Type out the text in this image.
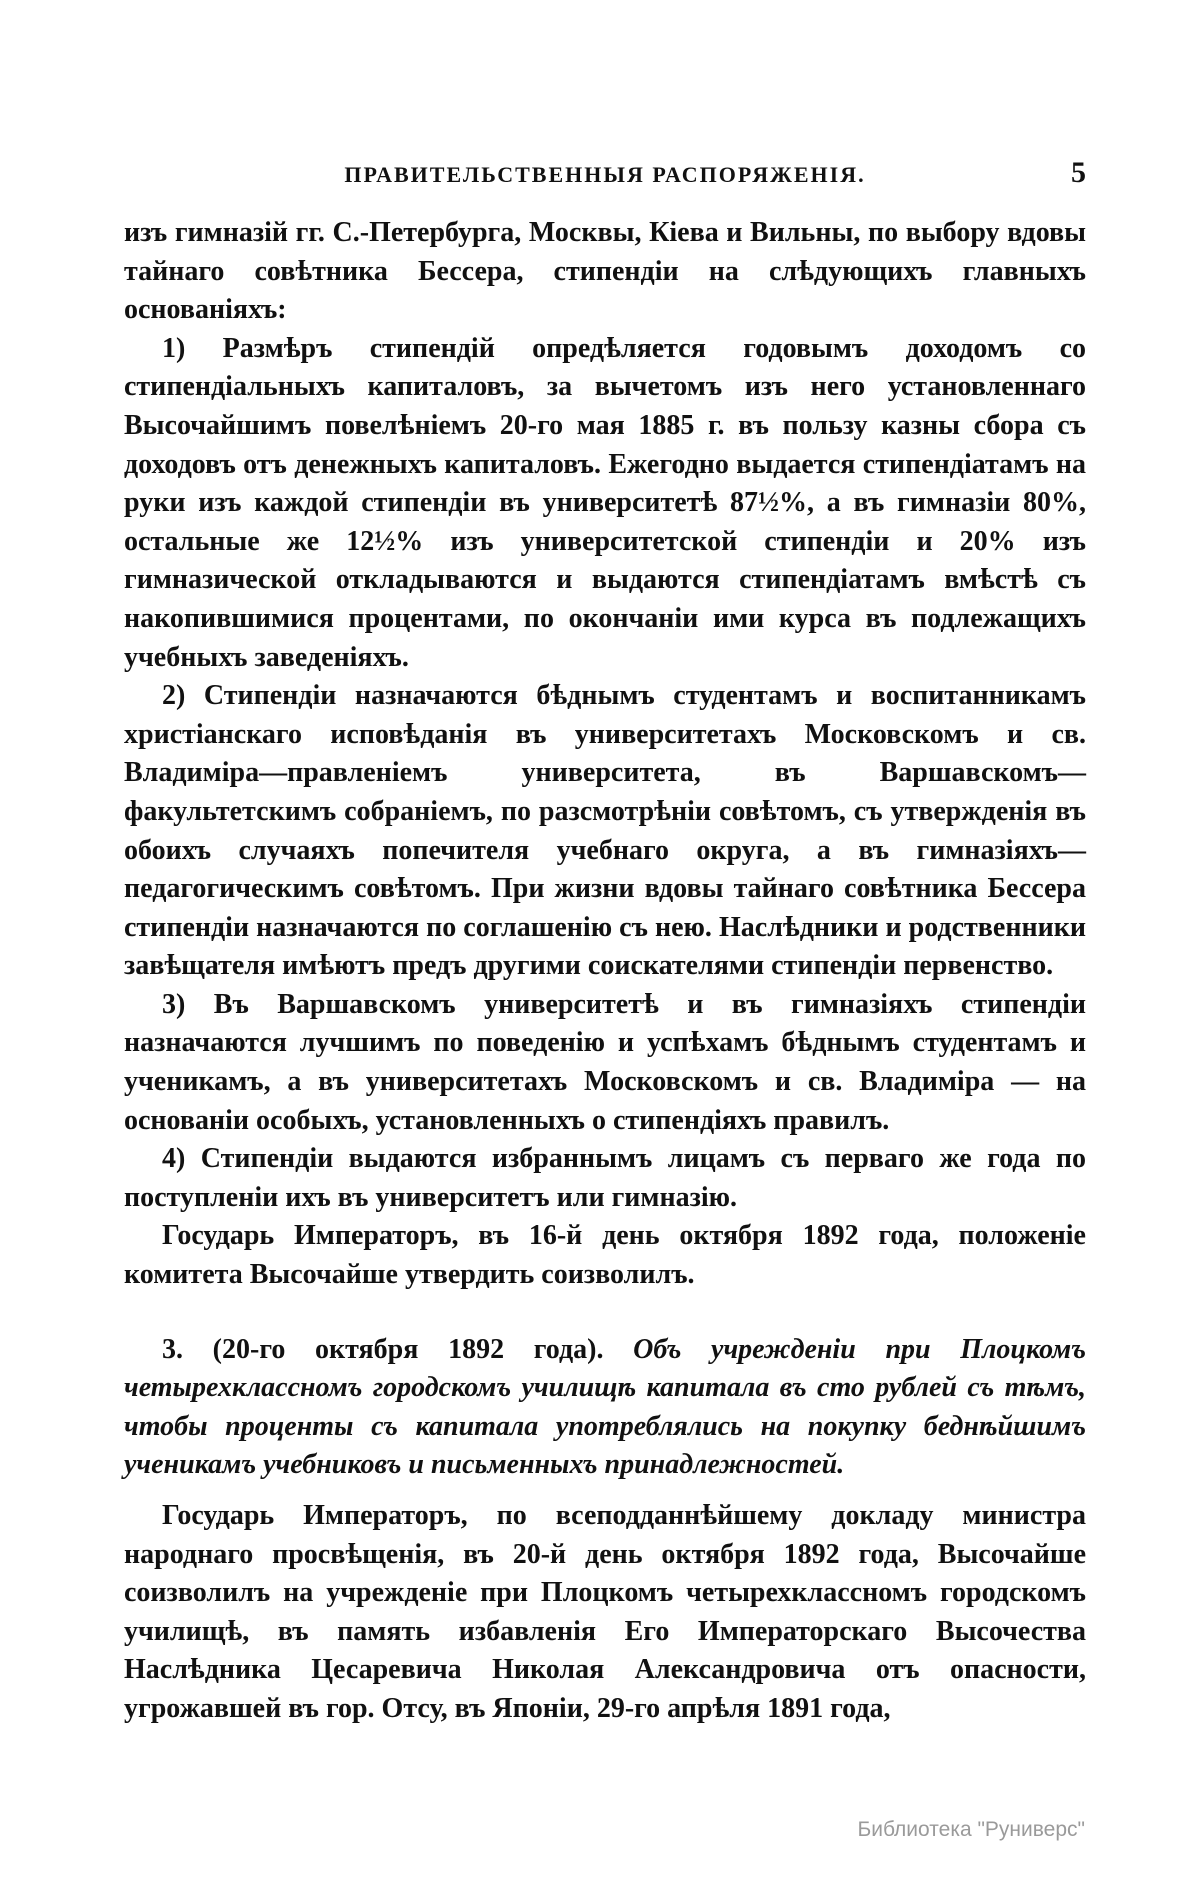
ПРАВИТЕЛЬСТВЕННЫЯ РАСПОРЯЖЕНІЯ.	5

изъ гимназій гг. С.-Петербурга, Москвы, Кіева и Вильны, по выбору вдовы тайнаго совѣтника Бессера, стипендіи на слѣдующихъ главныхъ основаніяхъ:

1) Размѣръ стипендій опредѣляется годовымъ доходомъ со стипендіальныхъ капиталовъ, за вычетомъ изъ него установленнаго Высочайшимъ повелѣніемъ 20-го мая 1885 г. въ пользу казны сбора съ доходовъ отъ денежныхъ капиталовъ. Ежегодно выдается стипендіатамъ на руки изъ каждой стипендіи въ университетѣ 87½%, а въ гимназіи 80%, остальные же 12½% изъ университетской стипендіи и 20% изъ гимназической откладываются и выдаются стипендіатамъ вмѣстѣ съ накопившимися процентами, по окончаніи ими курса въ подлежащихъ учебныхъ заведеніяхъ.

2) Стипендіи назначаются бѣднымъ студентамъ и воспитанникамъ христіанскаго исповѣданія въ университетахъ Московскомъ и св. Владиміра—правленіемъ университета, въ Варшавскомъ—факультетскимъ собраніемъ, по разсмотрѣніи совѣтомъ, съ утвержденія въ обоихъ случаяхъ попечителя учебнаго округа, а въ гимназіяхъ—педагогическимъ совѣтомъ. При жизни вдовы тайнаго совѣтника Бессера стипендіи назначаются по соглашенію съ нею. Наслѣдники и родственники завѣщателя имѣютъ предъ другими соискателями стипендіи первенство.

3) Въ Варшавскомъ университетѣ и въ гимназіяхъ стипендіи назначаются лучшимъ по поведенію и успѣхамъ бѣднымъ студентамъ и ученикамъ, а въ университетахъ Московскомъ и св. Владиміра — на основаніи особыхъ, установленныхъ о стипендіяхъ правилъ.

4) Стипендіи выдаются избраннымъ лицамъ съ перваго же года по поступленіи ихъ въ университетъ или гимназію.

Государь Императоръ, въ 16-й день октября 1892 года, положеніе комитета Высочайше утвердить соизволилъ.

3. (20-го октября 1892 года). Объ учрежденіи при Плоцкомъ четырехклассномъ городскомъ училищѣ капитала въ сто рублей съ тѣмъ, чтобы проценты съ капитала употреблялись на покупку беднѣйшимъ ученикамъ учебниковъ и письменныхъ принадлежностей.

Государь Императоръ, по всеподданнѣйшему докладу министра народнаго просвѣщенія, въ 20-й день октября 1892 года, Высочайше соизволилъ на учрежденіе при Плоцкомъ четырехклассномъ городскомъ училищѣ, въ память избавленія Его Императорскаго Высочества Наслѣдника Цесаревича Николая Александровича отъ опасности, угрожавшей въ гор. Отсу, въ Японіи, 29-го апрѣля 1891 года,

Библиотека "Руниверс"
